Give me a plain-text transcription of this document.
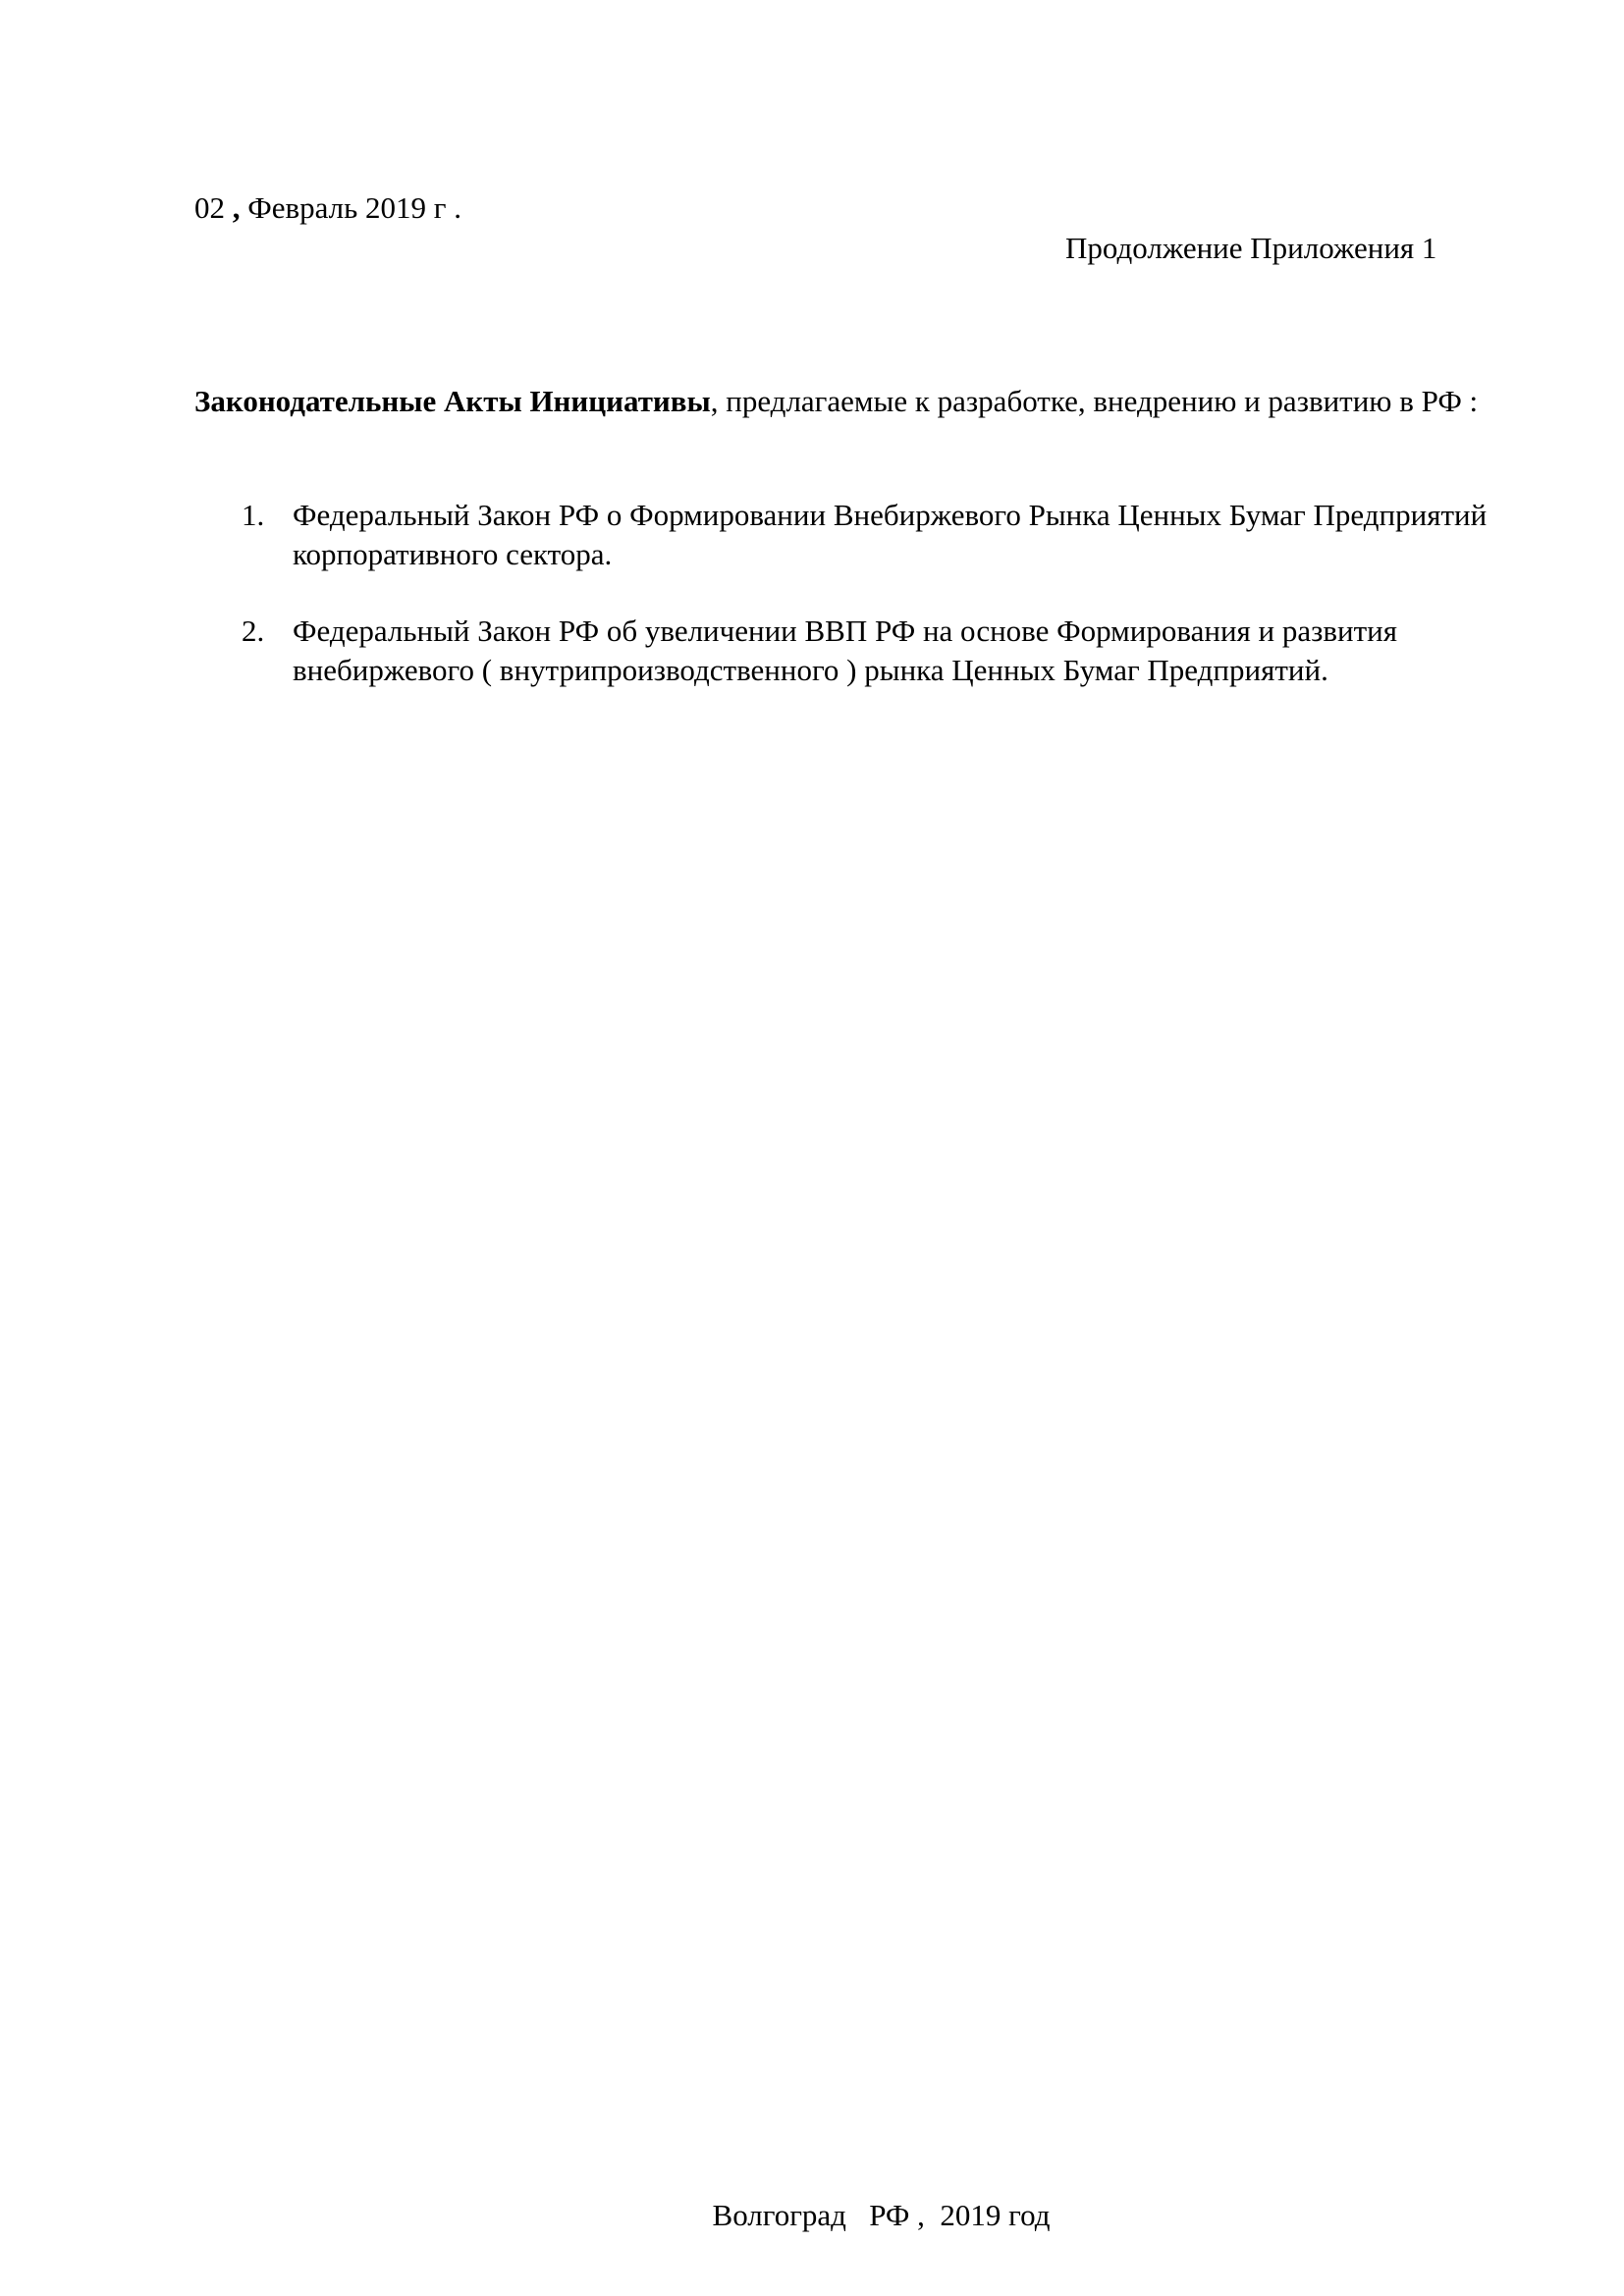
02 , Февраль 2019 г .
Продолжение Приложения 1
Законодательные Акты Инициативы, предлагаемые к разработке, внедрению и развитию в РФ :
1. Федеральный Закон РФ о Формировании Внебиржевого Рынка Ценных Бумаг Предприятий корпоративного сектора.
2. Федеральный Закон РФ об увеличении ВВП РФ на основе Формирования и развития внебиржевого ( внутрипроизводственного ) рынка Ценных Бумаг Предприятий.

Волгоград   РФ ,  2019 год
